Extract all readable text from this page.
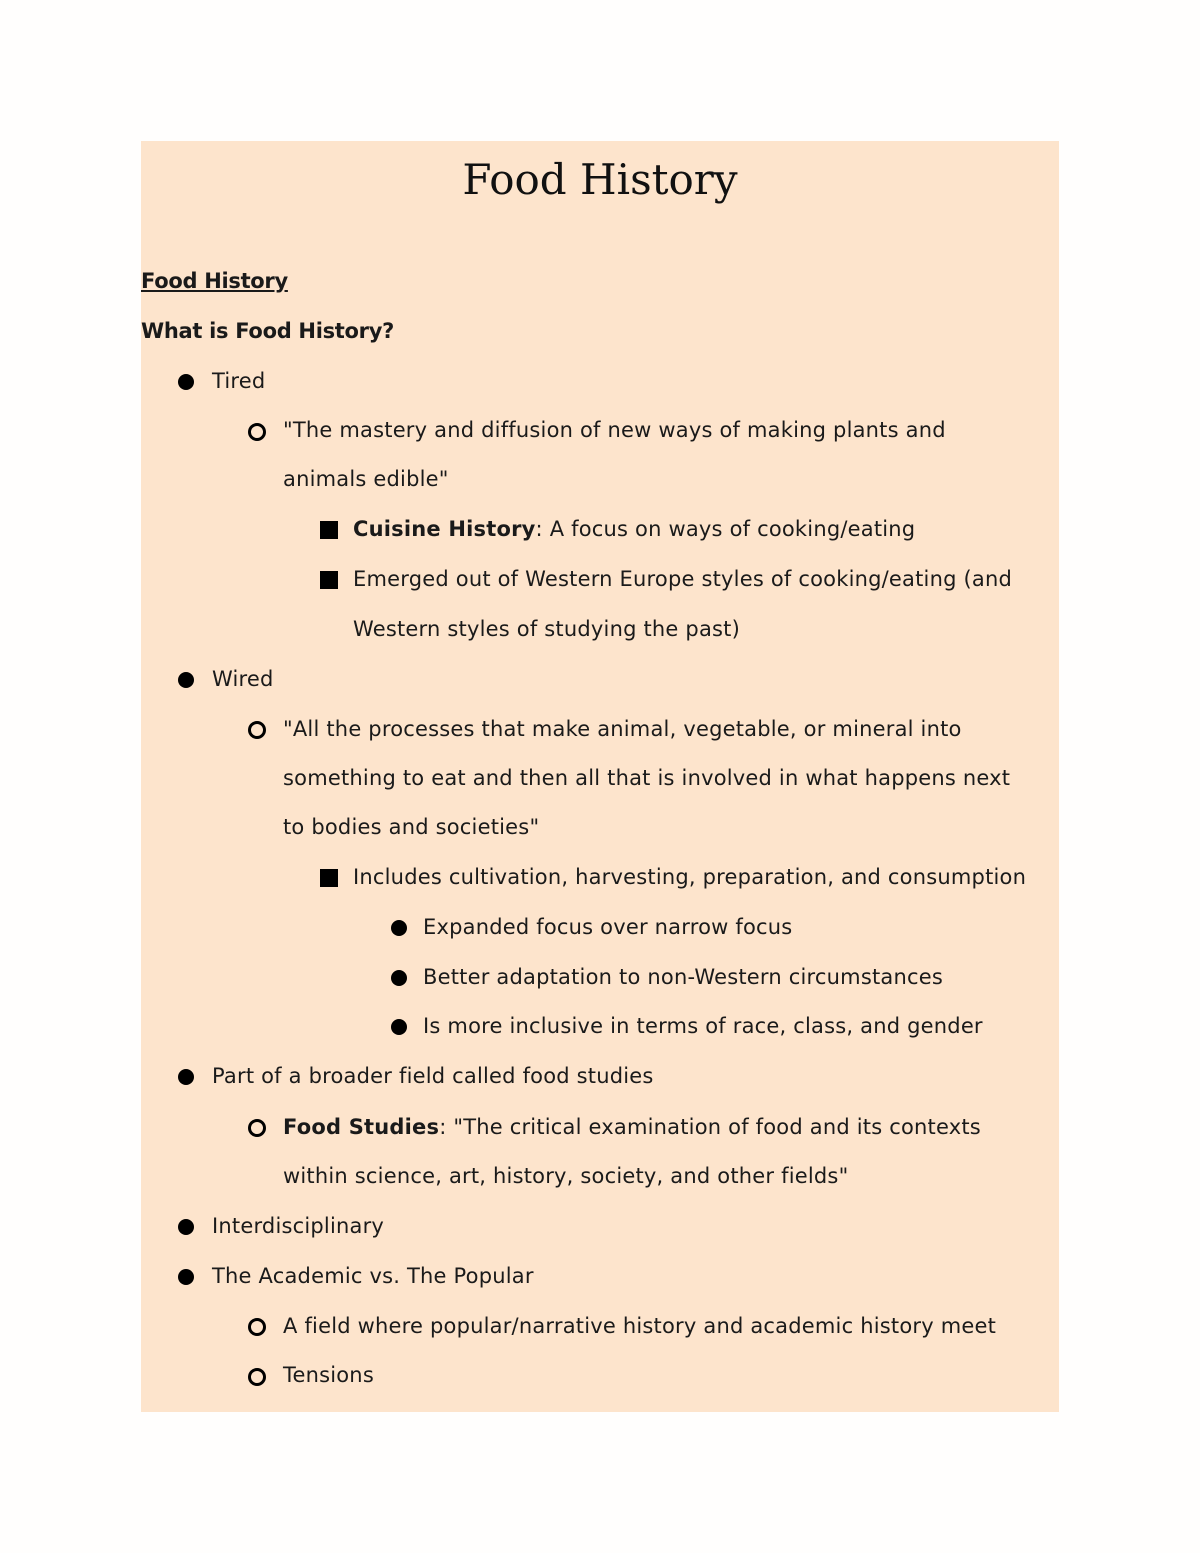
Food History
Food History
What is Food History?
Tired
"The mastery and diffusion of new ways of making plants and
animals edible"
Cuisine History: A focus on ways of cooking/eating
Emerged out of Western Europe styles of cooking/eating (and
Western styles of studying the past)
Wired
"All the processes that make animal, vegetable, or mineral into
something to eat and then all that is involved in what happens next
to bodies and societies"
Includes cultivation, harvesting, preparation, and consumption
Expanded focus over narrow focus
Better adaptation to non-Western circumstances
Is more inclusive in terms of race, class, and gender
Part of a broader field called food studies
Food Studies: "The critical examination of food and its contexts
within science, art, history, society, and other fields"
Interdisciplinary
The Academic vs. The Popular
A field where popular/narrative history and academic history meet
Tensions
